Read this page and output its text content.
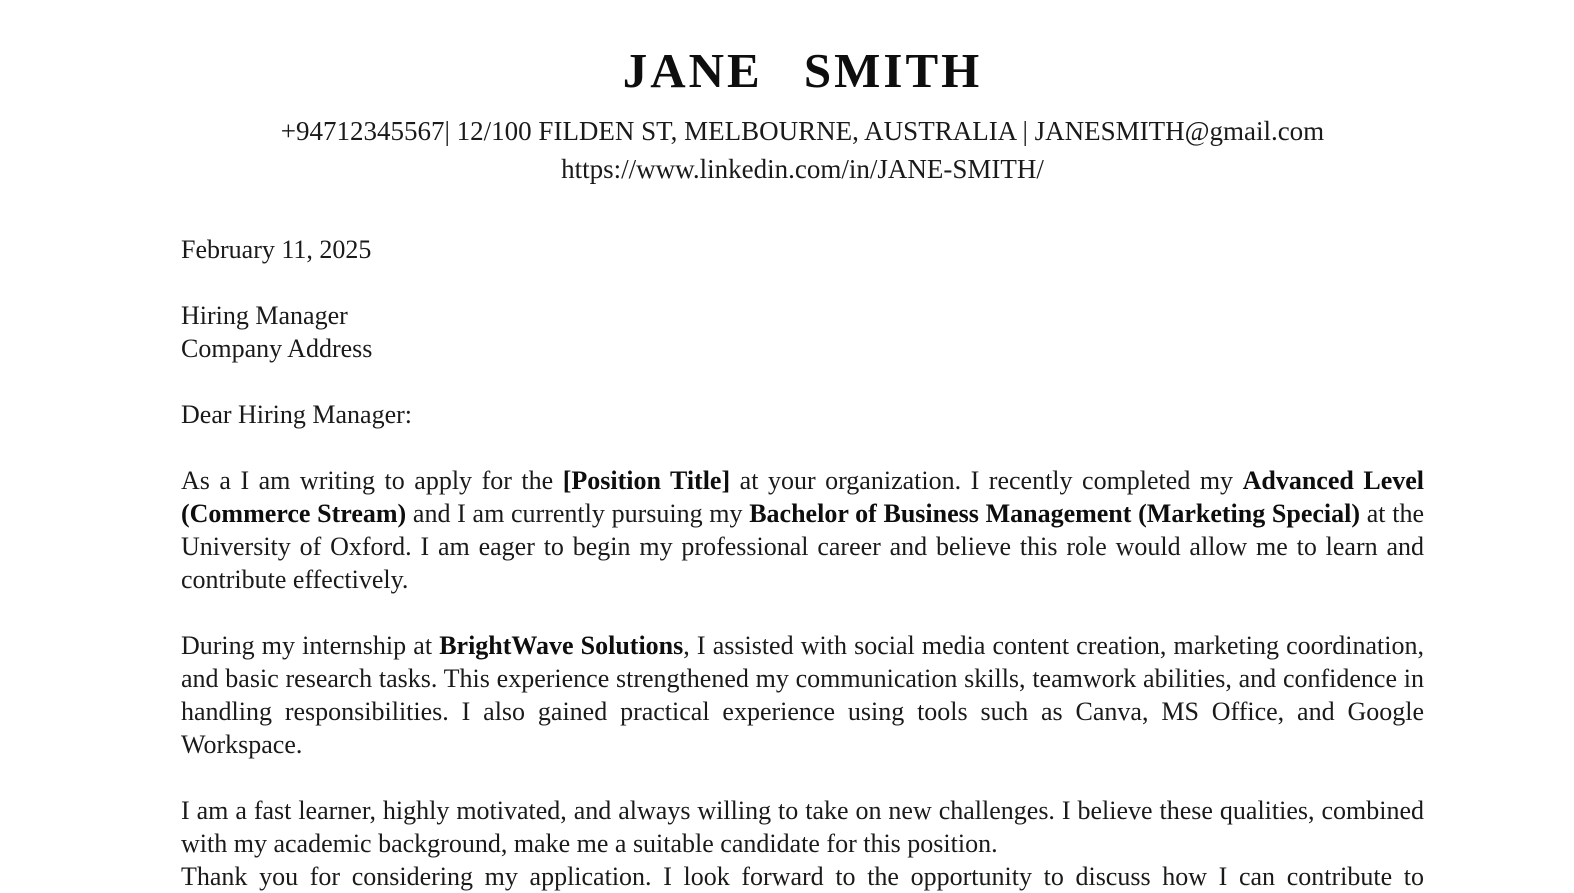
JANE SMITH
+94712345567| 12/100 FILDEN ST, MELBOURNE, AUSTRALIA | JANESMITH@gmail.com
https://www.linkedin.com/in/JANE-SMITH/
February 11, 2025
Hiring Manager
Company Address
Dear Hiring Manager:

As a I am writing to apply for the [Position Title] at your organization. I recently completed my Advanced Level (Commerce Stream) and I am currently pursuing my Bachelor of Business Management (Marketing Special) at the University of Oxford. I am eager to begin my professional career and believe this role would allow me to learn and contribute effectively.

During my internship at BrightWave Solutions, I assisted with social media content creation, marketing coordination, and basic research tasks. This experience strengthened my communication skills, teamwork abilities, and confidence in handling responsibilities. I also gained practical experience using tools such as Canva, MS Office, and Google Workspace.

I am a fast learner, highly motivated, and always willing to take on new challenges. I believe these qualities, combined with my academic background, make me a suitable candidate for this position.

Thank you for considering my application. I look forward to the opportunity to discuss how I can contribute to
